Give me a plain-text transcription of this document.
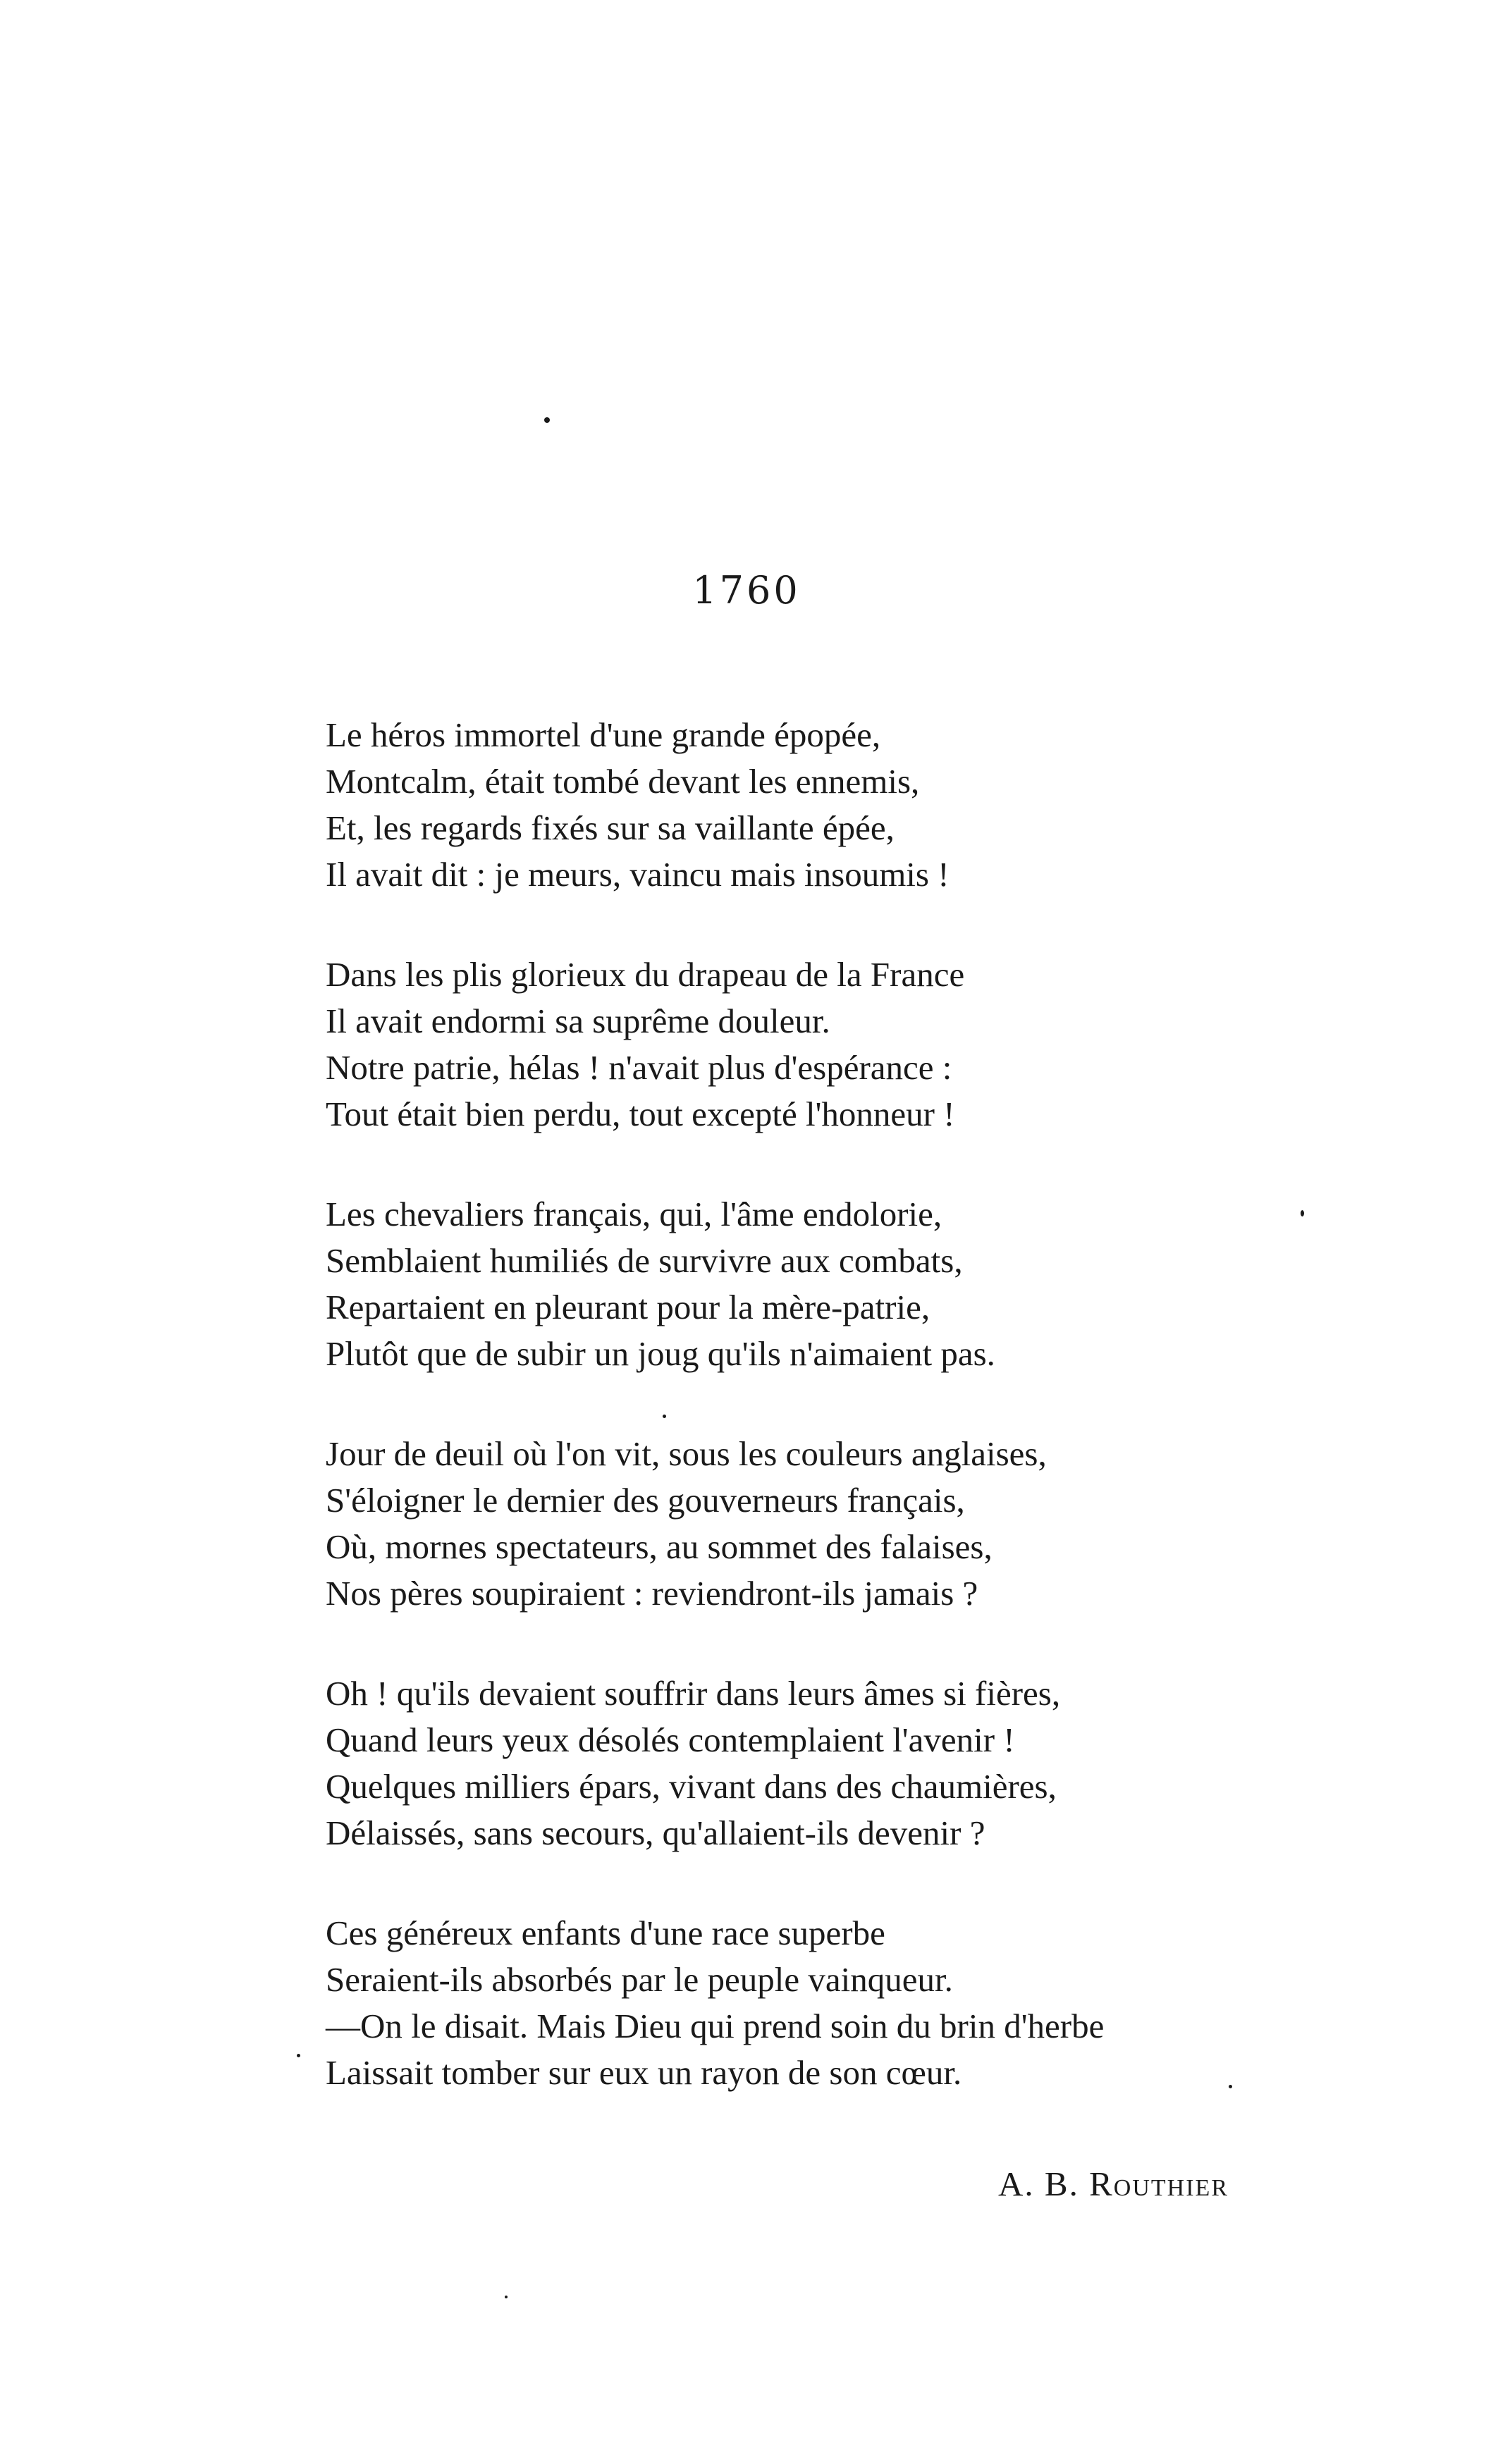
1760
Le héros immortel d'une grande épopée,
Montcalm, était tombé devant les ennemis,
Et, les regards fixés sur sa vaillante épée,
Il avait dit : je meurs, vaincu mais insoumis !
Dans les plis glorieux du drapeau de la France
Il avait endormi sa suprême douleur.
Notre patrie, hélas ! n'avait plus d'espérance :
Tout était bien perdu, tout excepté l'honneur !
Les chevaliers français, qui, l'âme endolorie,
Semblaient humiliés de survivre aux combats,
Repartaient en pleurant pour la mère-patrie,
Plutôt que de subir un joug qu'ils n'aimaient pas.
Jour de deuil où l'on vit, sous les couleurs anglaises,
S'éloigner le dernier des gouverneurs français,
Où, mornes spectateurs, au sommet des falaises,
Nos pères soupiraient : reviendront-ils jamais ?
Oh ! qu'ils devaient souffrir dans leurs âmes si fières,
Quand leurs yeux désolés contemplaient l'avenir !
Quelques milliers épars, vivant dans des chaumières,
Délaissés, sans secours, qu'allaient-ils devenir ?
Ces généreux enfants d'une race superbe
Seraient-ils absorbés par le peuple vainqueur.
—On le disait. Mais Dieu qui prend soin du brin d'herbe
Laissait tomber sur eux un rayon de son cœur.
A. B. Routhier
